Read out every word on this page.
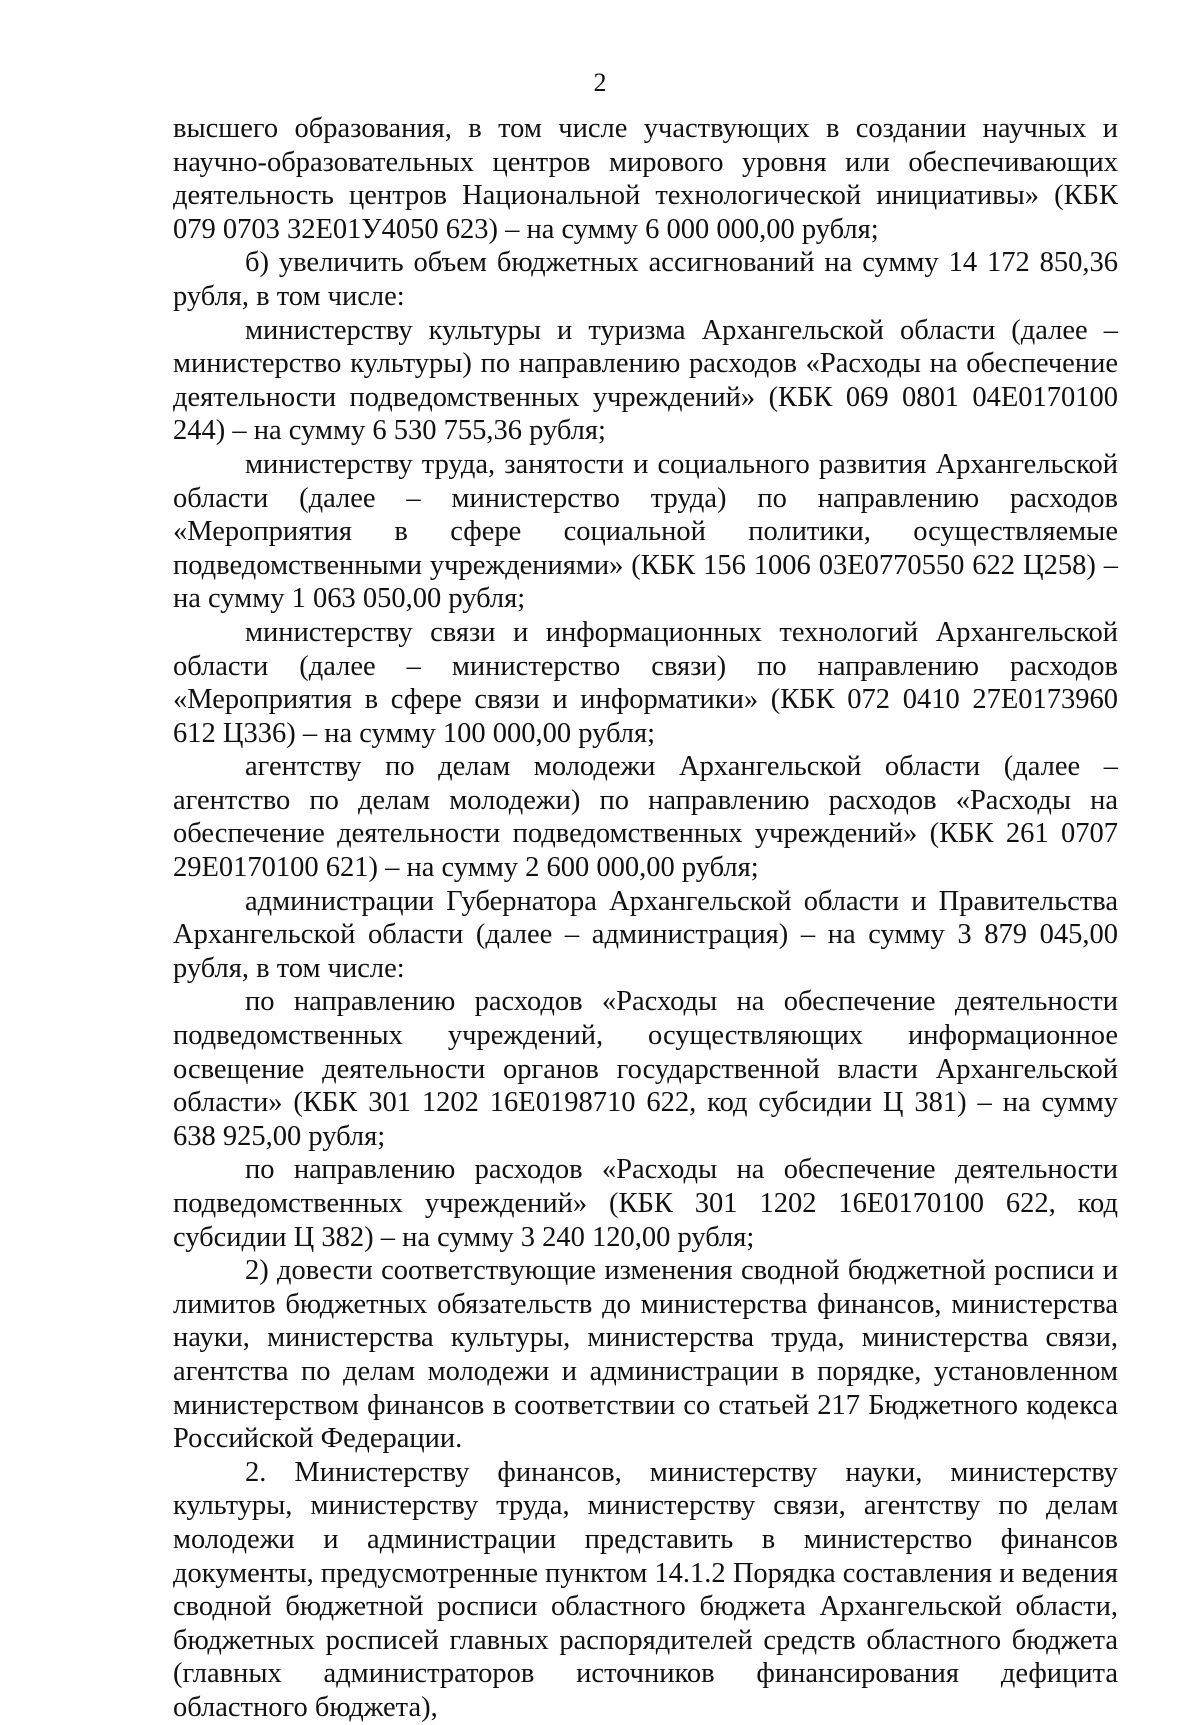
2

высшего образования, в том числе участвующих в создании научных и научно-образовательных центров мирового уровня или обеспечивающих деятельность центров Национальной технологической инициативы» (КБК 079 0703 32Е01У4050 623) – на сумму 6 000 000,00 рубля;

б) увеличить объем бюджетных ассигнований на сумму 14 172 850,36 рубля, в том числе:

министерству культуры и туризма Архангельской области (далее – министерство культуры) по направлению расходов «Расходы на обеспечение деятельности подведомственных учреждений» (КБК 069 0801 04Е0170100 244) – на сумму 6 530 755,36 рубля;

министерству труда, занятости и социального развития Архангельской области (далее – министерство труда) по направлению расходов «Мероприятия в сфере социальной политики, осуществляемые подведомственными учреждениями» (КБК 156 1006 03Е0770550 622 Ц258) – на сумму 1 063 050,00 рубля;

министерству связи и информационных технологий Архангельской области (далее – министерство связи) по направлению расходов «Мероприятия в сфере связи и информатики» (КБК 072 0410 27Е0173960 612 Ц336) – на сумму 100 000,00 рубля;

агентству по делам молодежи Архангельской области (далее – агентство по делам молодежи) по направлению расходов «Расходы на обеспечение деятельности подведомственных учреждений» (КБК 261 0707 29Е0170100 621) – на сумму 2 600 000,00 рубля;

администрации Губернатора Архангельской области и Правительства Архангельской области (далее – администрация) – на сумму 3 879 045,00 рубля, в том числе:

по направлению расходов «Расходы на обеспечение деятельности подведомственных учреждений, осуществляющих информационное освещение деятельности органов государственной власти Архангельской области» (КБК 301 1202 16Е0198710 622, код субсидии Ц 381) – на сумму 638 925,00 рубля;

по направлению расходов «Расходы на обеспечение деятельности подведомственных учреждений» (КБК 301 1202 16Е0170100 622, код субсидии Ц 382) – на сумму 3 240 120,00 рубля;

2) довести соответствующие изменения сводной бюджетной росписи и лимитов бюджетных обязательств до министерства финансов, министерства науки, министерства культуры, министерства труда, министерства связи, агентства по делам молодежи и администрации в порядке, установленном министерством финансов в соответствии со статьей 217 Бюджетного кодекса Российской Федерации.

2. Министерству финансов, министерству науки, министерству культуры, министерству труда, министерству связи, агентству по делам молодежи и администрации представить в министерство финансов документы, предусмотренные пунктом 14.1.2 Порядка составления и ведения сводной бюджетной росписи областного бюджета Архангельской области, бюджетных росписей главных распорядителей средств областного бюджета (главных администраторов источников финансирования дефицита областного бюджета),
